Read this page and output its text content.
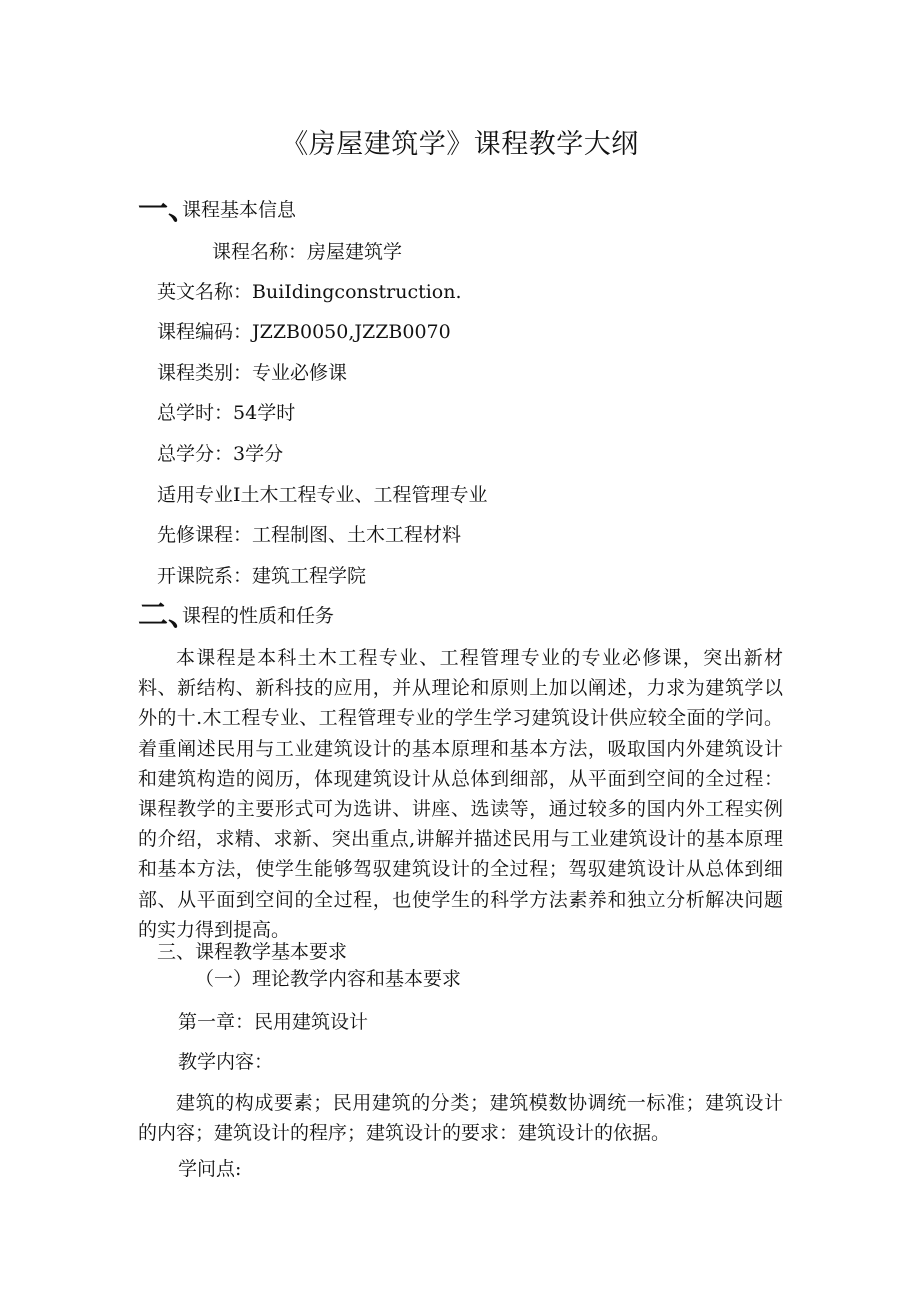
《房屋建筑学》课程教学大纲
一、课程基本信息
课程名称：房屋建筑学
英文名称：BuiIdingconstruction.
课程编码：JZZB0050,JZZB0070
课程类别：专业必修课
总学时：54学时
总学分：3学分
适用专业I土木工程专业、工程管理专业
先修课程：工程制图、土木工程材料
开课院系：建筑工程学院
二、课程的性质和任务
本课程是本科土木工程专业、工程管理专业的专业必修课，突出新材料、新结构、新科技的应用，并从理论和原则上加以阐述，力求为建筑学以外的十.木工程专业、工程管理专业的学生学习建筑设计供应较全面的学问。着重阐述民用与工业建筑设计的基本原理和基本方法，吸取国内外建筑设计和建筑构造的阅历，体现建筑设计从总体到细部，从平面到空间的全过程：课程教学的主要形式可为选讲、讲座、选读等，通过较多的国内外工程实例的介绍，求精、求新、突出重点,讲解并描述民用与工业建筑设计的基本原理和基本方法，使学生能够驾驭建筑设计的全过程；驾驭建筑设计从总体到细部、从平面到空间的全过程，也使学生的科学方法素养和独立分析解决问题的实力得到提高。
三、课程教学基本要求
（一）理论教学内容和基本要求
第一章：民用建筑设计
教学内容：
建筑的构成要素；民用建筑的分类；建筑模数协调统一标准；建筑设计的内容；建筑设计的程序；建筑设计的要求：建筑设计的依据。
学问点:
